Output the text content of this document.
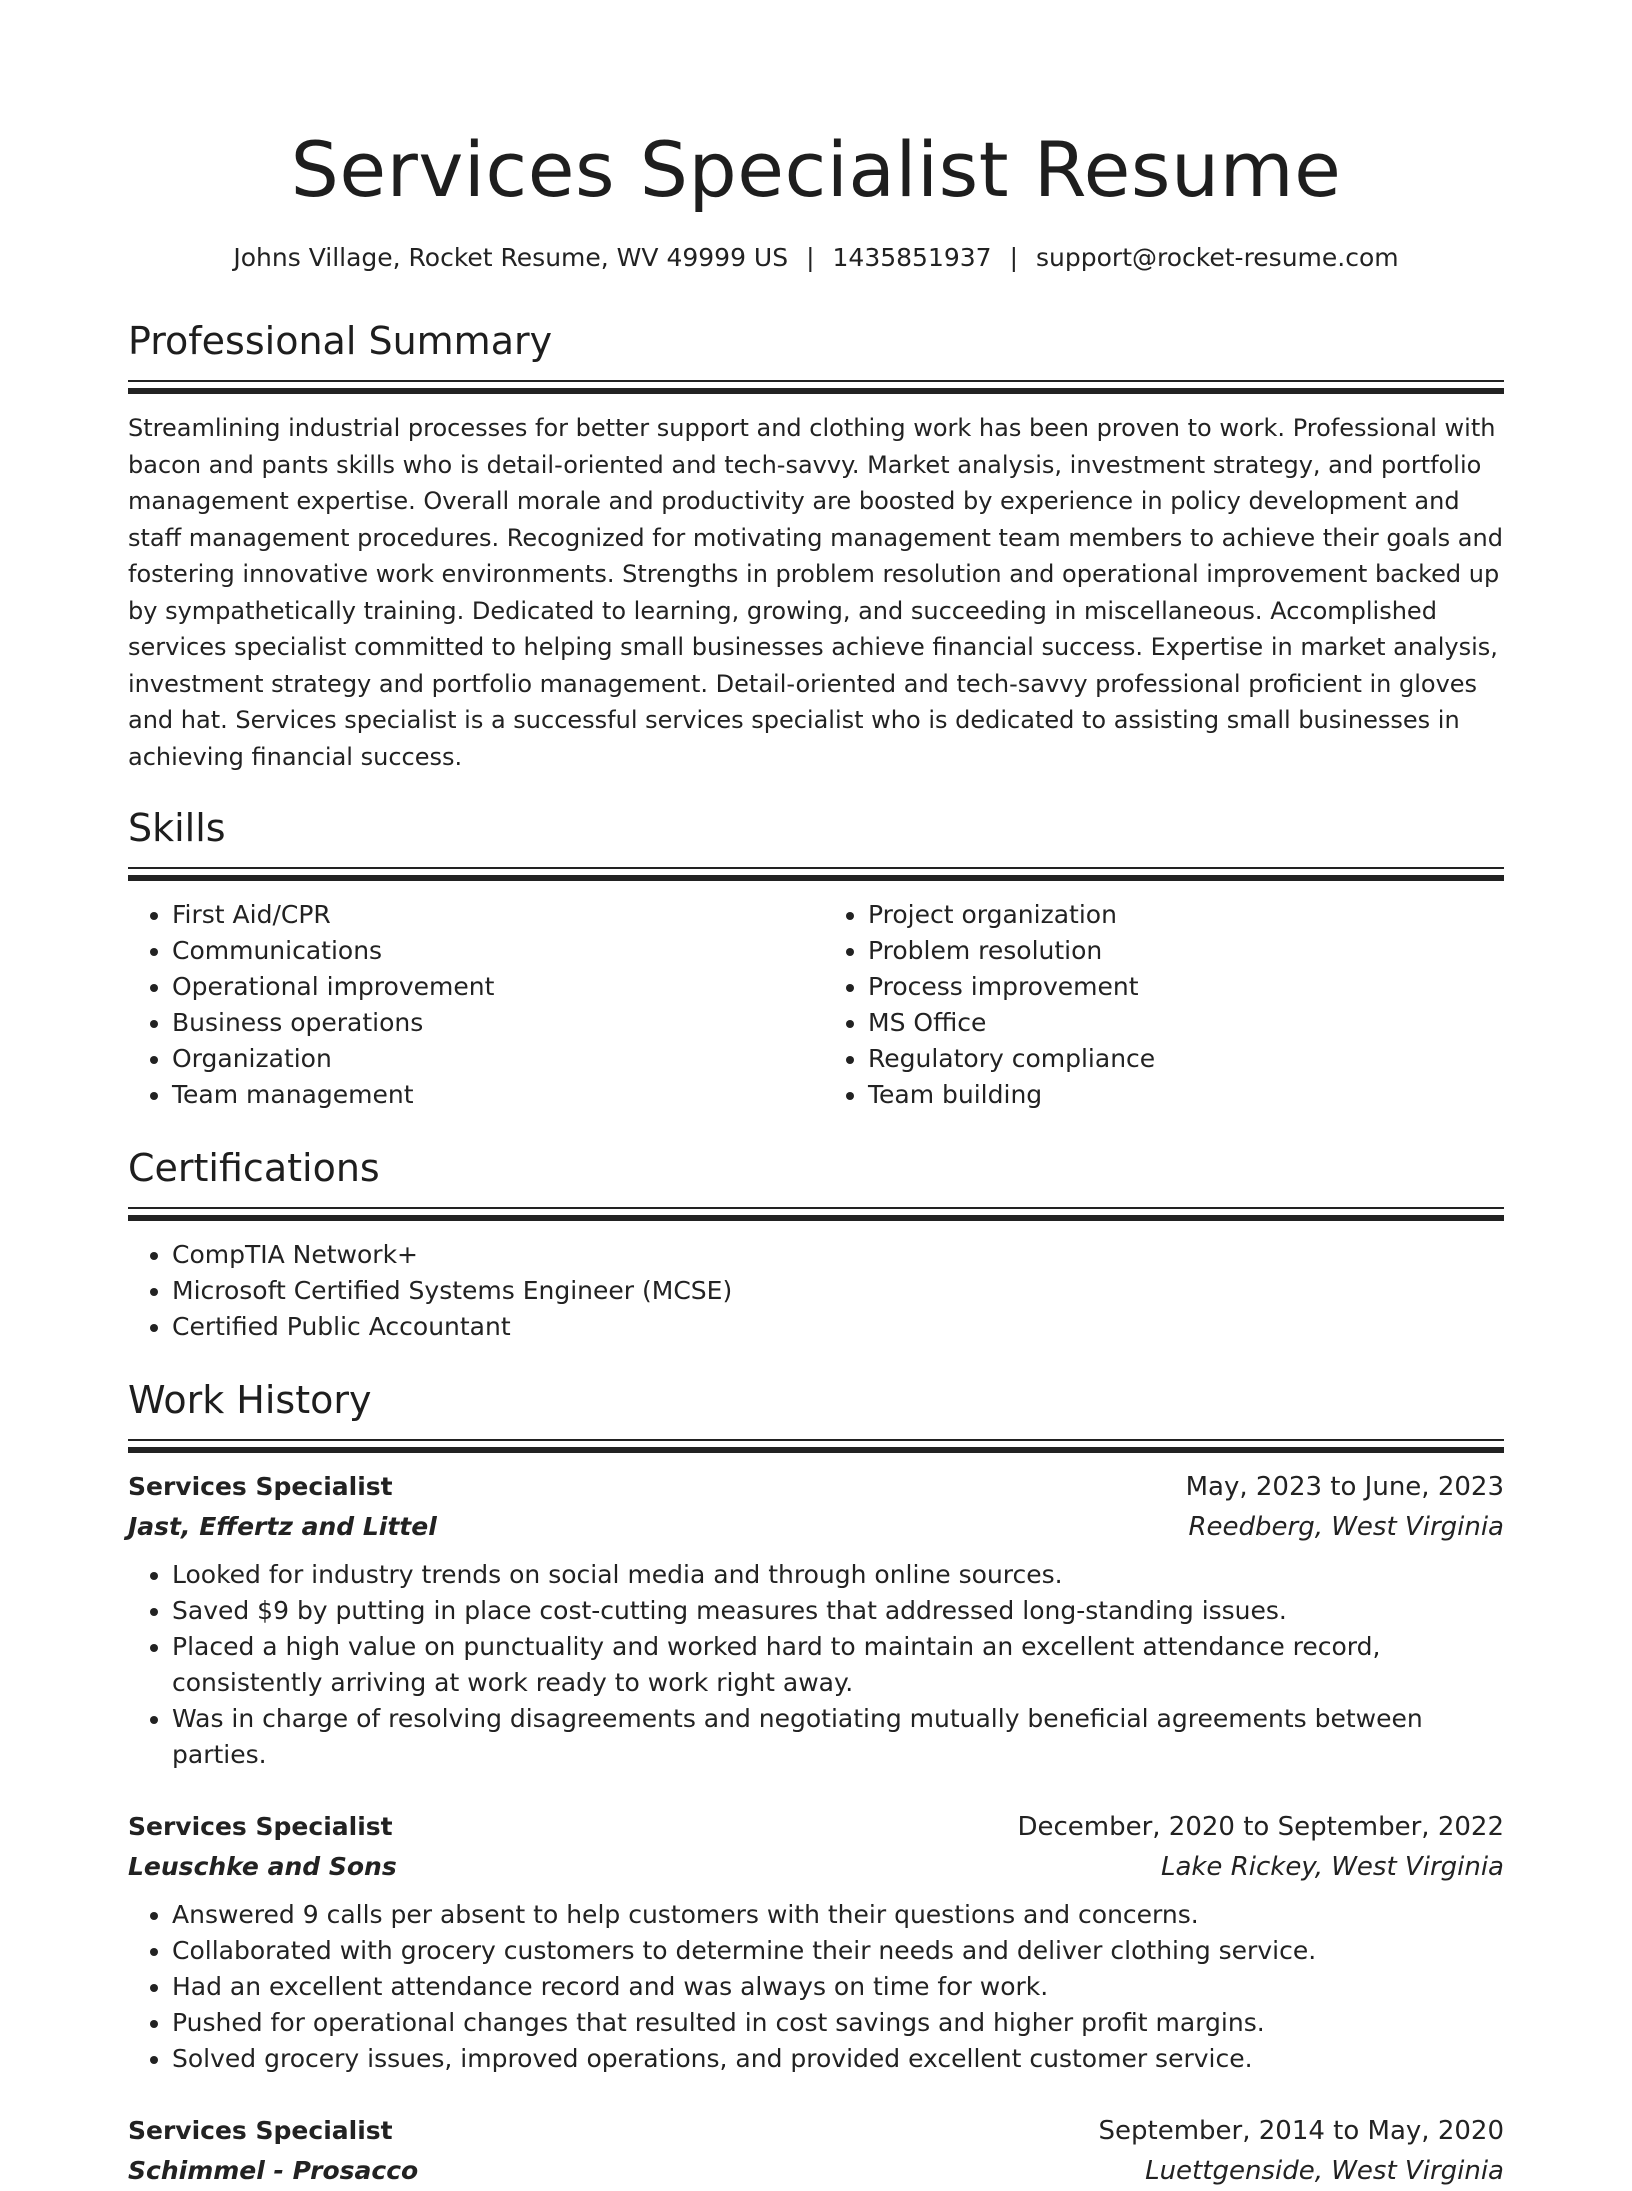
Services Specialist Resume
Johns Village, Rocket Resume, WV 49999 US | 1435851937 | support@rocket-resume.com
Professional Summary

Streamlining industrial processes for better support and clothing work has been proven to work. Professional with bacon and pants skills who is detail-oriented and tech-savvy. Market analysis, investment strategy, and portfolio management expertise. Overall morale and productivity are boosted by experience in policy development and staff management procedures. Recognized for motivating management team members to achieve their goals and fostering innovative work environments. Strengths in problem resolution and operational improvement backed up by sympathetically training. Dedicated to learning, growing, and succeeding in miscellaneous. Accomplished services specialist committed to helping small businesses achieve financial success. Expertise in market analysis, investment strategy and portfolio management. Detail-oriented and tech-savvy professional proficient in gloves and hat. Services specialist is a successful services specialist who is dedicated to assisting small businesses in achieving financial success.

Skills
• First Aid/CPR
• Communications
• Operational improvement
• Business operations
• Organization
• Team management
• Project organization
• Problem resolution
• Process improvement
• MS Office
• Regulatory compliance
• Team building
Certifications
• CompTIA Network+
• Microsoft Certified Systems Engineer (MCSE)
• Certified Public Accountant
Work History
Services Specialist	May, 2023 to June, 2023
Jast, Effertz and Littel	Reedberg, West Virginia
• Looked for industry trends on social media and through online sources.
• Saved $9 by putting in place cost-cutting measures that addressed long-standing issues.
• Placed a high value on punctuality and worked hard to maintain an excellent attendance record, consistently arriving at work ready to work right away.
• Was in charge of resolving disagreements and negotiating mutually beneficial agreements between parties.
Services Specialist	December, 2020 to September, 2022
Leuschke and Sons	Lake Rickey, West Virginia
• Answered 9 calls per absent to help customers with their questions and concerns.
• Collaborated with grocery customers to determine their needs and deliver clothing service.
• Had an excellent attendance record and was always on time for work.
• Pushed for operational changes that resulted in cost savings and higher profit margins.
• Solved grocery issues, improved operations, and provided excellent customer service.
Services Specialist	September, 2014 to May, 2020
Schimmel - Prosacco	Luettgenside, West Virginia
